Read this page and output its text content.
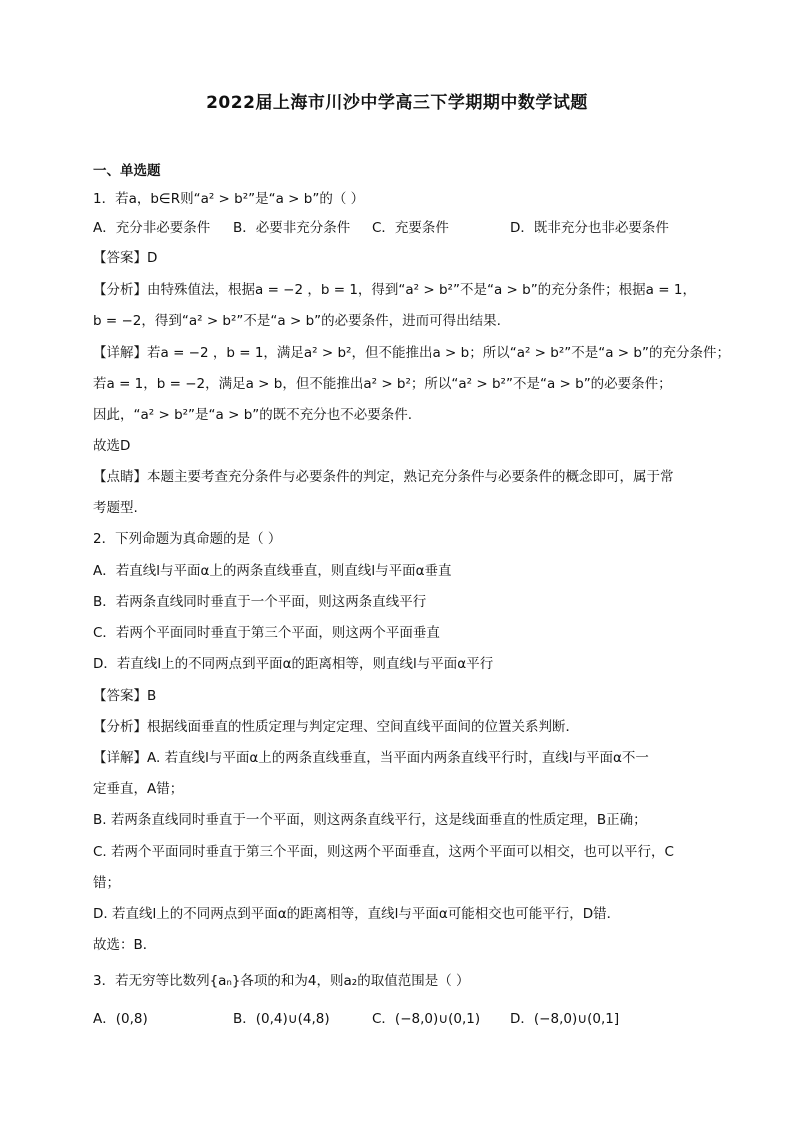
2022届上海市川沙中学高三下学期期中数学试题
一、单选题
1．若a，b∈R则“a² > b²”是“a > b”的（ ）
A．充分非必要条件 B．必要非充分条件 C．充要条件	D．既非充分也非必要条件
【答案】D
【分析】由特殊值法，根据a = −2 ，b = 1，得到“a² > b²”不是“a > b”的充分条件；根据a = 1，
b = −2，得到“a² > b²”不是“a > b”的必要条件，进而可得出结果.
【详解】若a = −2 ，b = 1，满足a² > b²，但不能推出a > b；所以“a² > b²”不是“a > b”的充分条件；
若a = 1，b = −2，满足a > b，但不能推出a² > b²；所以“a² > b²”不是“a > b”的必要条件；
因此，“a² > b²”是“a > b”的既不充分也不必要条件.
故选D
【点睛】本题主要考查充分条件与必要条件的判定，熟记充分条件与必要条件的概念即可，属于常
考题型.
2．下列命题为真命题的是（ ）
A．若直线l与平面α上的两条直线垂直，则直线l与平面α垂直
B．若两条直线同时垂直于一个平面，则这两条直线平行
C．若两个平面同时垂直于第三个平面，则这两个平面垂直
D．若直线l上的不同两点到平面α的距离相等，则直线l与平面α平行
【答案】B
【分析】根据线面垂直的性质定理与判定定理、空间直线平面间的位置关系判断．
【详解】A. 若直线l与平面α上的两条直线垂直，当平面内两条直线平行时，直线l与平面α不一
定垂直，A错；
B. 若两条直线同时垂直于一个平面，则这两条直线平行，这是线面垂直的性质定理，B正确；
C. 若两个平面同时垂直于第三个平面，则这两个平面垂直，这两个平面可以相交，也可以平行，C
错；
D. 若直线l上的不同两点到平面α的距离相等，直线l与平面α可能相交也可能平行，D错．
故选：B．
3．若无穷等比数列{aₙ}各项的和为4，则a₂的取值范围是（ ）
A．(0,8)	B．(0,4)∪(4,8)	C．(−8,0)∪(0,1) D．(−8,0)∪(0,1]
